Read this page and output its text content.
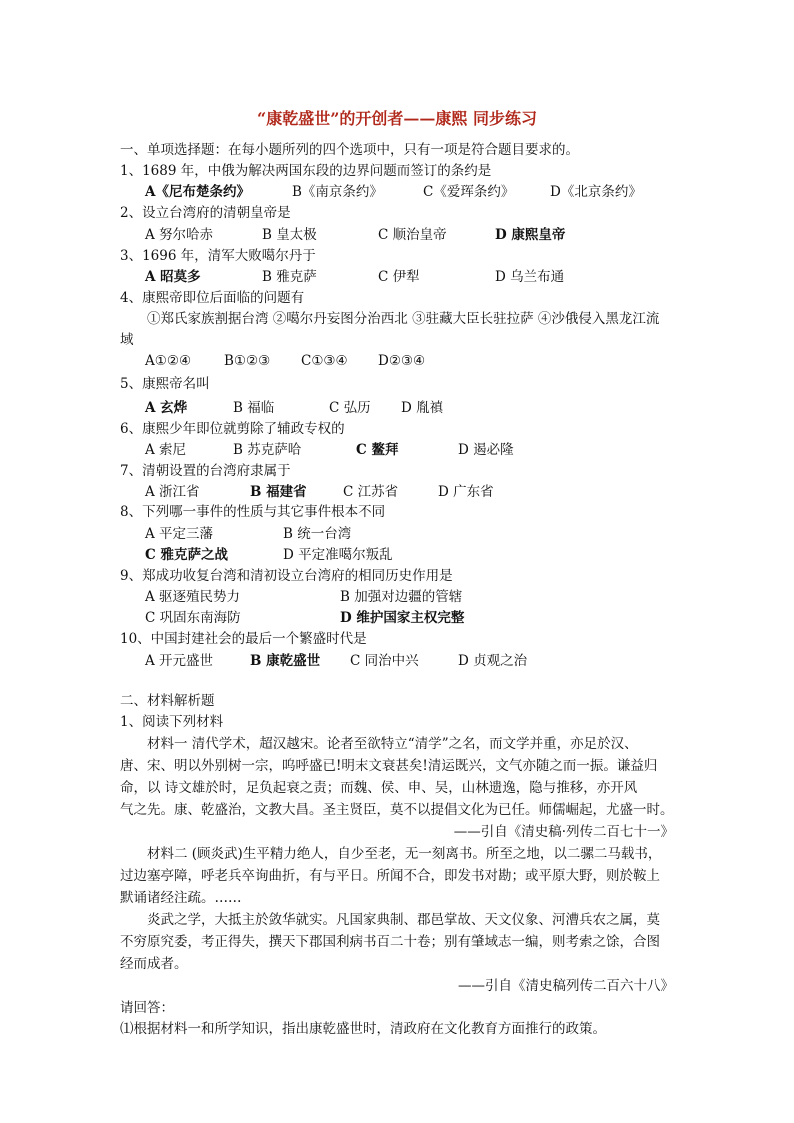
“康乾盛世”的开创者——康熙 同步练习
一、单项选择题：在每小题所列的四个选项中，只有一项是符合题目要求的。
1、1689 年，中俄为解决两国东段的边界问题而签订的条约是
A《尼布楚条约》	B《南京条约》	C《爱珲条约》	D《北京条约》
2、设立台湾府的清朝皇帝是
A 努尔哈赤	B 皇太极	C 顺治皇帝	D 康熙皇帝
3、1696 年，清军大败噶尔丹于
A 昭莫多	B 雅克萨	C 伊犁	D 乌兰布通
4、康熙帝即位后面临的问题有
①郑氏家族割据台湾 ②噶尔丹妄图分治西北 ③驻藏大臣长驻拉萨 ④沙俄侵入黑龙江流
域
A①②④ B①②③ C①③④ D②③④
5、康熙帝名叫
A 玄烨	B 福临	C 弘历 D 胤禛
6、康熙少年即位就剪除了辅政专权的
A 索尼	B 苏克萨哈	C 鳌拜	D 遏必隆
7、清朝设置的台湾府隶属于
A 浙江省	B 福建省	C 江苏省	D 广东省
8、下列哪一事件的性质与其它事件根本不同
A 平定三藩	B 统一台湾
C 雅克萨之战	D 平定准噶尔叛乱
9、郑成功收复台湾和清初设立台湾府的相同历史作用是
A 驱逐殖民势力	B 加强对边疆的管辖
C 巩固东南海防	D 维护国家主权完整
10、中国封建社会的最后一个繁盛时代是
A 开元盛世	B 康乾盛世 C 同治中兴	D 贞观之治
二、材料解析题
1、阅读下列材料
材料一 清代学术，超汉越宋。论者至欲特立“清学”之名，而文学并重，亦足於汉、
唐、宋、明以外别树一宗，呜呼盛已!明末文衰甚矣!清运既兴，文气亦随之而一振。谦益归
命，以 诗文雄於时，足负起衰之责；而魏、侯、申、吴，山林遗逸，隐与推移，亦开风
气之先。康、乾盛治，文教大昌。圣主贤臣，莫不以提倡文化为已任。师儒崛起，尤盛一时。
——引自《清史稿·列传二百七十一》
材料二 (顾炎武)生平精力绝人，自少至老，无一刻离书。所至之地，以二骡二马载书，
过边塞亭障，呼老兵卒询曲折，有与平日。所闻不合，即发书对勘；或平原大野，则於鞍上
默诵诸经注疏。……
炎武之学，大抵主於敛华就实。凡国家典制、郡邑掌故、天文仪象、河漕兵农之属，莫
不穷原究委，考正得失，撰天下郡国利病书百二十卷；别有肇域志一编，则考索之馀，合图
经而成者。
——引自《清史稿列传二百六十八》
请回答：
⑴根据材料一和所学知识，指出康乾盛世时，清政府在文化教育方面推行的政策。
